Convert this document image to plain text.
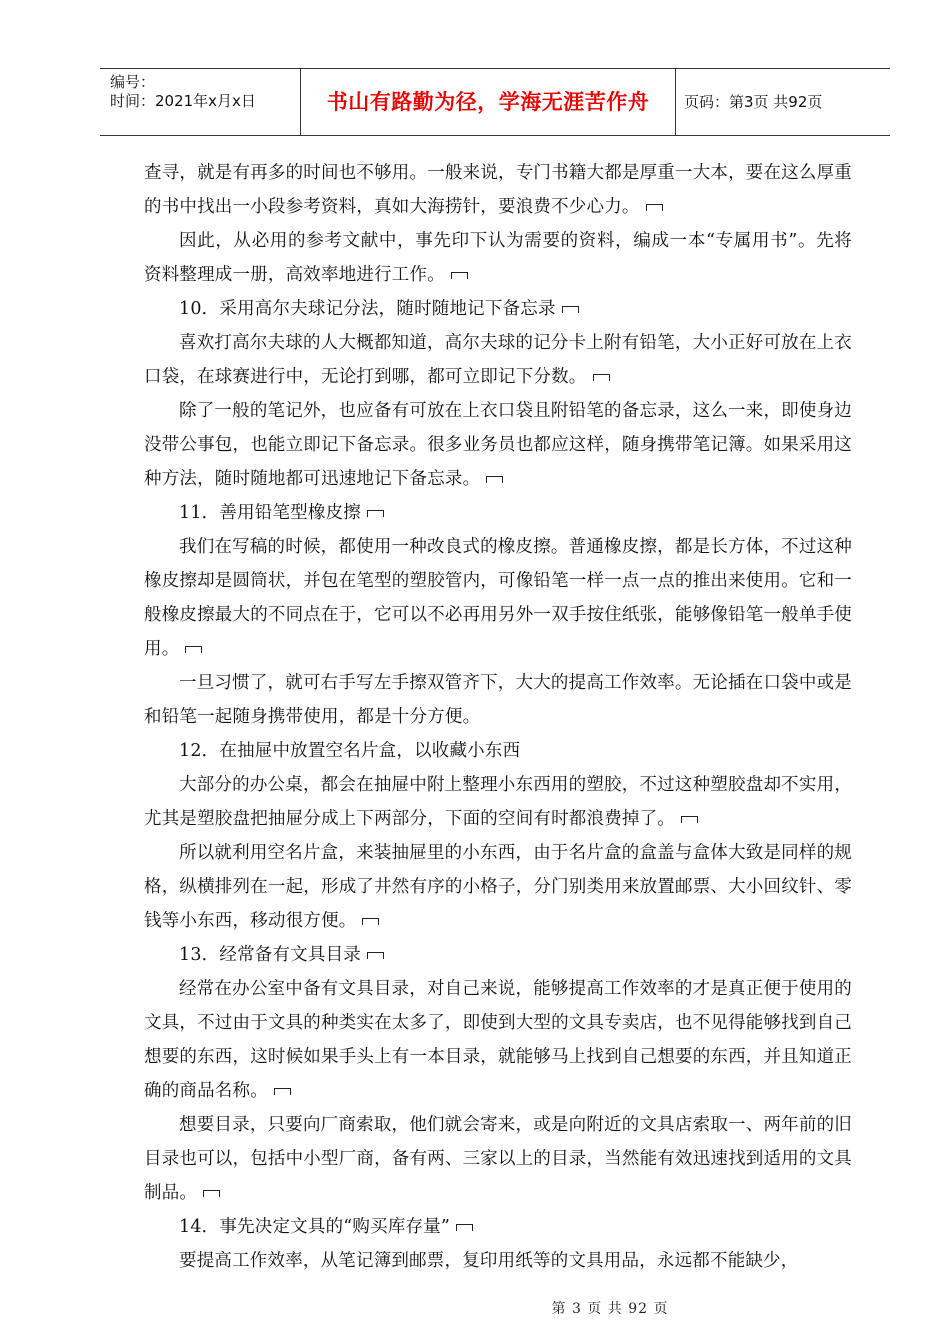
编号：
时间：2021年x月x日	书山有路勤为径，学海无涯苦作舟	页码：第3页 共92页

查寻，就是有再多的时间也不够用。一般来说，专门书籍大都是厚重一大本，要在这么厚重的书中找出一小段参考资料，真如大海捞针，要浪费不少心力。

因此，从必用的参考文献中，事先印下认为需要的资料，编成一本“专属用书”。先将资料整理成一册，高效率地进行工作。

10．采用高尔夫球记分法，随时随地记下备忘录

喜欢打高尔夫球的人大概都知道，高尔夫球的记分卡上附有铅笔，大小正好可放在上衣口袋，在球赛进行中，无论打到哪，都可立即记下分数。

除了一般的笔记外，也应备有可放在上衣口袋且附铅笔的备忘录，这么一来，即使身边没带公事包，也能立即记下备忘录。很多业务员也都应这样，随身携带笔记簿。如果采用这种方法，随时随地都可迅速地记下备忘录。

11．善用铅笔型橡皮擦

我们在写稿的时候，都使用一种改良式的橡皮擦。普通橡皮擦，都是长方体，不过这种橡皮擦却是圆筒状，并包在笔型的塑胶管内，可像铅笔一样一点一点的推出来使用。它和一般橡皮擦最大的不同点在于，它可以不必再用另外一双手按住纸张，能够像铅笔一般单手使用。

一旦习惯了，就可右手写左手擦双管齐下，大大的提高工作效率。无论插在口袋中或是和铅笔一起随身携带使用，都是十分方便。

12．在抽屉中放置空名片盒，以收藏小东西

大部分的办公桌，都会在抽屉中附上整理小东西用的塑胶，不过这种塑胶盘却不实用，尤其是塑胶盘把抽屉分成上下两部分，下面的空间有时都浪费掉了。

所以就利用空名片盒，来装抽屉里的小东西，由于名片盒的盒盖与盒体大致是同样的规格，纵横排列在一起，形成了井然有序的小格子，分门别类用来放置邮票、大小回纹针、零钱等小东西，移动很方便。

13．经常备有文具目录

经常在办公室中备有文具目录，对自己来说，能够提高工作效率的才是真正便于使用的文具，不过由于文具的种类实在太多了，即使到大型的文具专卖店，也不见得能够找到自己想要的东西，这时候如果手头上有一本目录，就能够马上找到自己想要的东西，并且知道正确的商品名称。

想要目录，只要向厂商索取，他们就会寄来，或是向附近的文具店索取一、两年前的旧目录也可以，包括中小型厂商，备有两、三家以上的目录，当然能有效迅速找到适用的文具制品。

14．事先决定文具的“购买库存量”

要提高工作效率，从笔记簿到邮票，复印用纸等的文具用品，永远都不能缺少，

第 3 页 共 92 页
